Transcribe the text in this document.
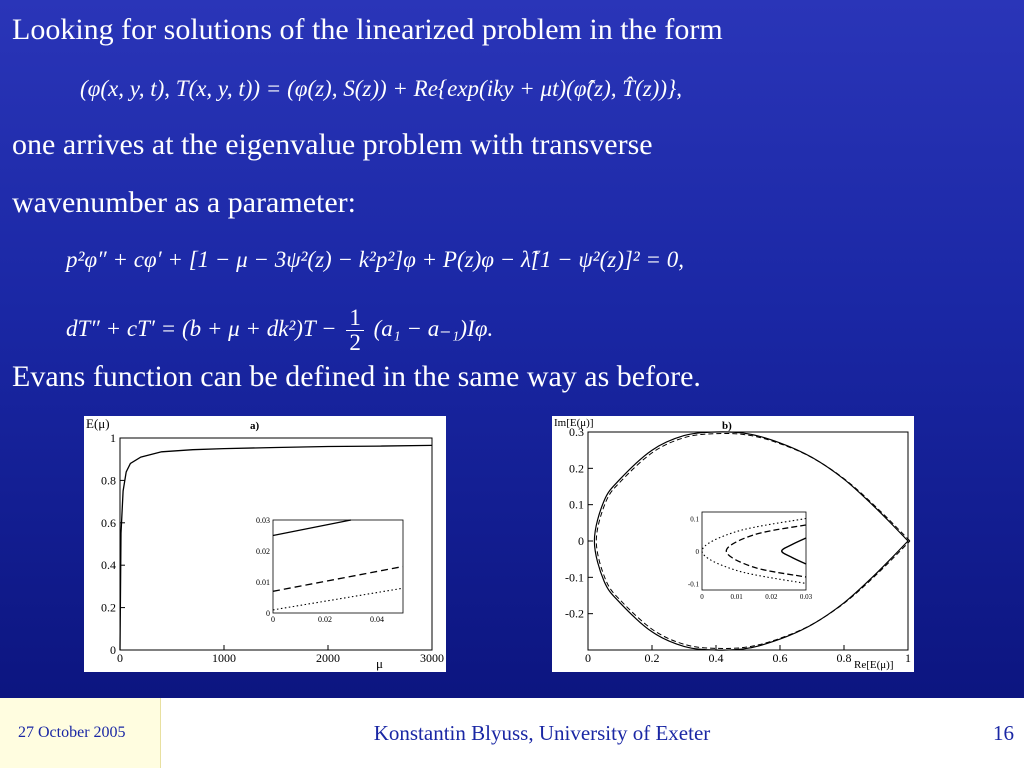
Looking for solutions of the linearized problem in the form
(φ(x, y, t), T(x, y, t)) = (φ(z), S(z)) + Re{exp(iky + μt)(φ̂(z), T̂(z))},
one arrives at the eigenvalue problem with transverse
wavenumber as a parameter:
p²φ″ + cφ′ + [1 − μ − 3ψ²(z) − k²p²]φ + P(z)φ − λ̃[1 − ψ²(z)]² = 0,
$dT'' + cT' = (b + \mu + dk^2)T - \frac{1}{2} (a_1 - a_{-1})I\varphi$.
Evans function can be defined in the same way as before.
E(μ)	a)
0	1000	2000	3000
0
0.2
0.4
0.6
0.8
1
μ
0	0.02	0.04
0
0.01
0.02
0.03
Im[E(μ)]	b)
0	0.2	0.4	0.6	0.8	1
0.3
0.2
0.1
0
-0.1
-0.2
Re[E(μ)]
0	0.01	0.02	0.03
0.1
0
-0.1
27 October 2005	Konstantin Blyuss, University of Exeter	16
